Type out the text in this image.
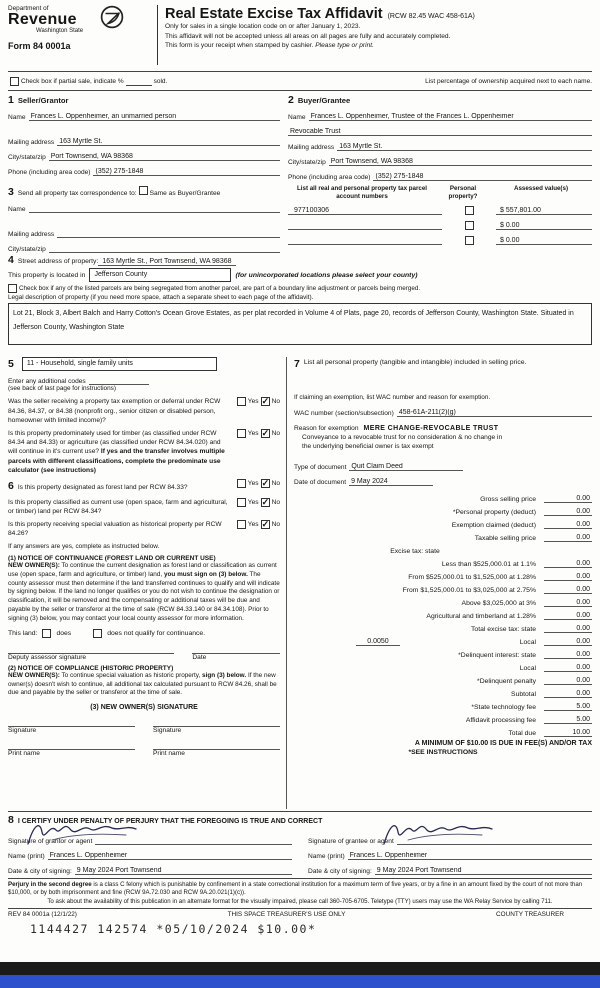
Department of
Revenue
Washington State
Form 84 0001a
Real Estate Excise Tax Affidavit (RCW 82.45 WAC 458-61A)
Only for sales in a single location code on or after January 1, 2023.
This affidavit will not be accepted unless all areas on all pages are fully and accurately completed.
This form is your receipt when stamped by cashier. Please type or print.
Check box if partial sale, indicate %	sold.	List percentage of ownership acquired next to each name.
1 Seller/Grantor
Name Frances L. Oppenheimer, an unmarried person
Mailing address 163 Myrtle St.
City/state/zip Port Townsend, WA 98368
Phone (including area code) (352) 275-1848
2 Buyer/Grantee
Name Frances L. Oppenheimer, Trustee of the Frances L. Oppenheimer
Revocable Trust
Mailing address 163 Myrtle St.
City/state/zip Port Townsend, WA 98368
Phone (including area code) (352) 275-1848
3 Send all property tax correspondence to: Same as Buyer/Grantee
Name
Mailing address
City/state/zip
List all real and personal property tax parcel account numbers
Personal property?
Assessed value(s)
977100306	$ 557,801.00
$ 0.00
$ 0.00
4 Street address of property: 163 Myrtle St., Port Townsend, WA 98368
This property is located in	Jefferson County	(for unincorporated locations please select your county)
Check box if any of the listed parcels are being segregated from another parcel, are part of a boundary line adjustment or parcels being merged.
Legal description of property (if you need more space, attach a separate sheet to each page of the affidavit).
Lot 21, Block 3, Albert Balch and Harry Cotton's Ocean Grove Estates, as per plat recorded in Volume 4 of Plats, page 20, records of Jefferson County, Washington State. Situated in Jefferson County, Washington State
5	11 - Household, single family units
Enter any additional codes
(see back of last page for instructions)
Was the seller receiving a property tax exemption or deferral under RCW 84.36, 84.37, or 84.38 (nonprofit org., senior citizen or disabled person, homeowner with limited income)?
Yes ✓ No
Is this property predominately used for timber (as classified under RCW 84.34 and 84.33) or agriculture (as classified under RCW 84.34.020) and will continue in it's current use? If yes and the transfer involves multiple parcels with different classifications, complete the predominate use calculator (see instructions)
Yes ✓ No
6 Is this property designated as forest land per RCW 84.33?
Yes ✓ No
Is this property classified as current use (open space, farm and agricultural, or timber) land per RCW 84.34?
Yes ✓ No
Is this property receiving special valuation as historical property per RCW 84.26?
Yes ✓ No
If any answers are yes, complete as instructed below.
(1) NOTICE OF CONTINUANCE (FOREST LAND OR CURRENT USE)
NEW OWNER(S): To continue the current designation as forest land or classification as current use (open space, farm and agriculture, or timber) land, you must sign on (3) below. The county assessor must then determine if the land transferred continues to qualify and will indicate by signing below. If the land no longer qualifies or you do not wish to continue the designation or classification, it will be removed and the compensating or additional taxes will be due and payable by the seller or transferor at the time of sale (RCW 84.33.140 or 84.34.108). Prior to signing (3) below, you may contact your local county assessor for more information.
This land:	does	does not qualify for continuance.
Deputy assessor signature	Date
(2) NOTICE OF COMPLIANCE (HISTORIC PROPERTY)
NEW OWNER(S): To continue special valuation as historic property, sign (3) below. If the new owner(s) doesn't wish to continue, all additional tax calculated pursuant to RCW 84.26, shall be due and payable by the seller or transferor at the time of sale.
(3) NEW OWNER(S) SIGNATURE
Signature	Signature
Print name	Print name
7 List all personal property (tangible and intangible) included in selling price.
If claiming an exemption, list WAC number and reason for exemption.
WAC number (section/subsection) 458-61A-211(2)(g)
Reason for exemption MERE CHANGE-REVOCABLE TRUST
Conveyance to a revocable trust for no consideration & no change in
the underlying beneficial owner is tax exempt
Type of document Quit Claim Deed
Date of document 9 May 2024
Gross selling price	0.00
*Personal property (deduct)	0.00
Exemption claimed (deduct)	0.00
Taxable selling price	0.00
Excise tax: state
Less than $525,000.01 at 1.1%	0.00
From $525,000.01 to $1,525,000 at 1.28%	0.00
From $1,525,000.01 to $3,025,000 at 2.75%	0.00
Above $3,025,000 at 3%	0.00
Agricultural and timberland at 1.28%	0.00
Total excise tax: state	0.00
0.0050	Local	0.00
*Delinquent interest: state	0.00
Local	0.00
*Delinquent penalty	0.00
Subtotal	0.00
*State technology fee	5.00
Affidavit processing fee	5.00
Total due	10.00
A MINIMUM OF $10.00 IS DUE IN FEE(S) AND/OR TAX
*SEE INSTRUCTIONS
8 I CERTIFY UNDER PENALTY OF PERJURY THAT THE FOREGOING IS TRUE AND CORRECT
Signature of grantor or agent
Name (print) Frances L. Oppenheimer
Date & city of signing: 9 May 2024 Port Townsend
Signature of grantee or agent
Name (print) Frances L. Oppenheimer
Date & city of signing: 9 May 2024 Port Townsend
Perjury in the second degree is a class C felony which is punishable by confinement in a state correctional institution for a maximum term of five years, or by a fine in an amount fixed by the court of not more than $10,000, or by both imprisonment and fine (RCW 9A.72.030 and RCW 9A.20.021(1)(c)).
To ask about the availability of this publication in an alternate format for the visually impaired, please call 360-705-6705. Teletype (TTY) users may use the WA Relay Service by calling 711.
REV 84 0001a (12/1/22)	THIS SPACE TREASURER'S USE ONLY	COUNTY TREASURER
1144427 142574 *05/10/2024 $10.00*
